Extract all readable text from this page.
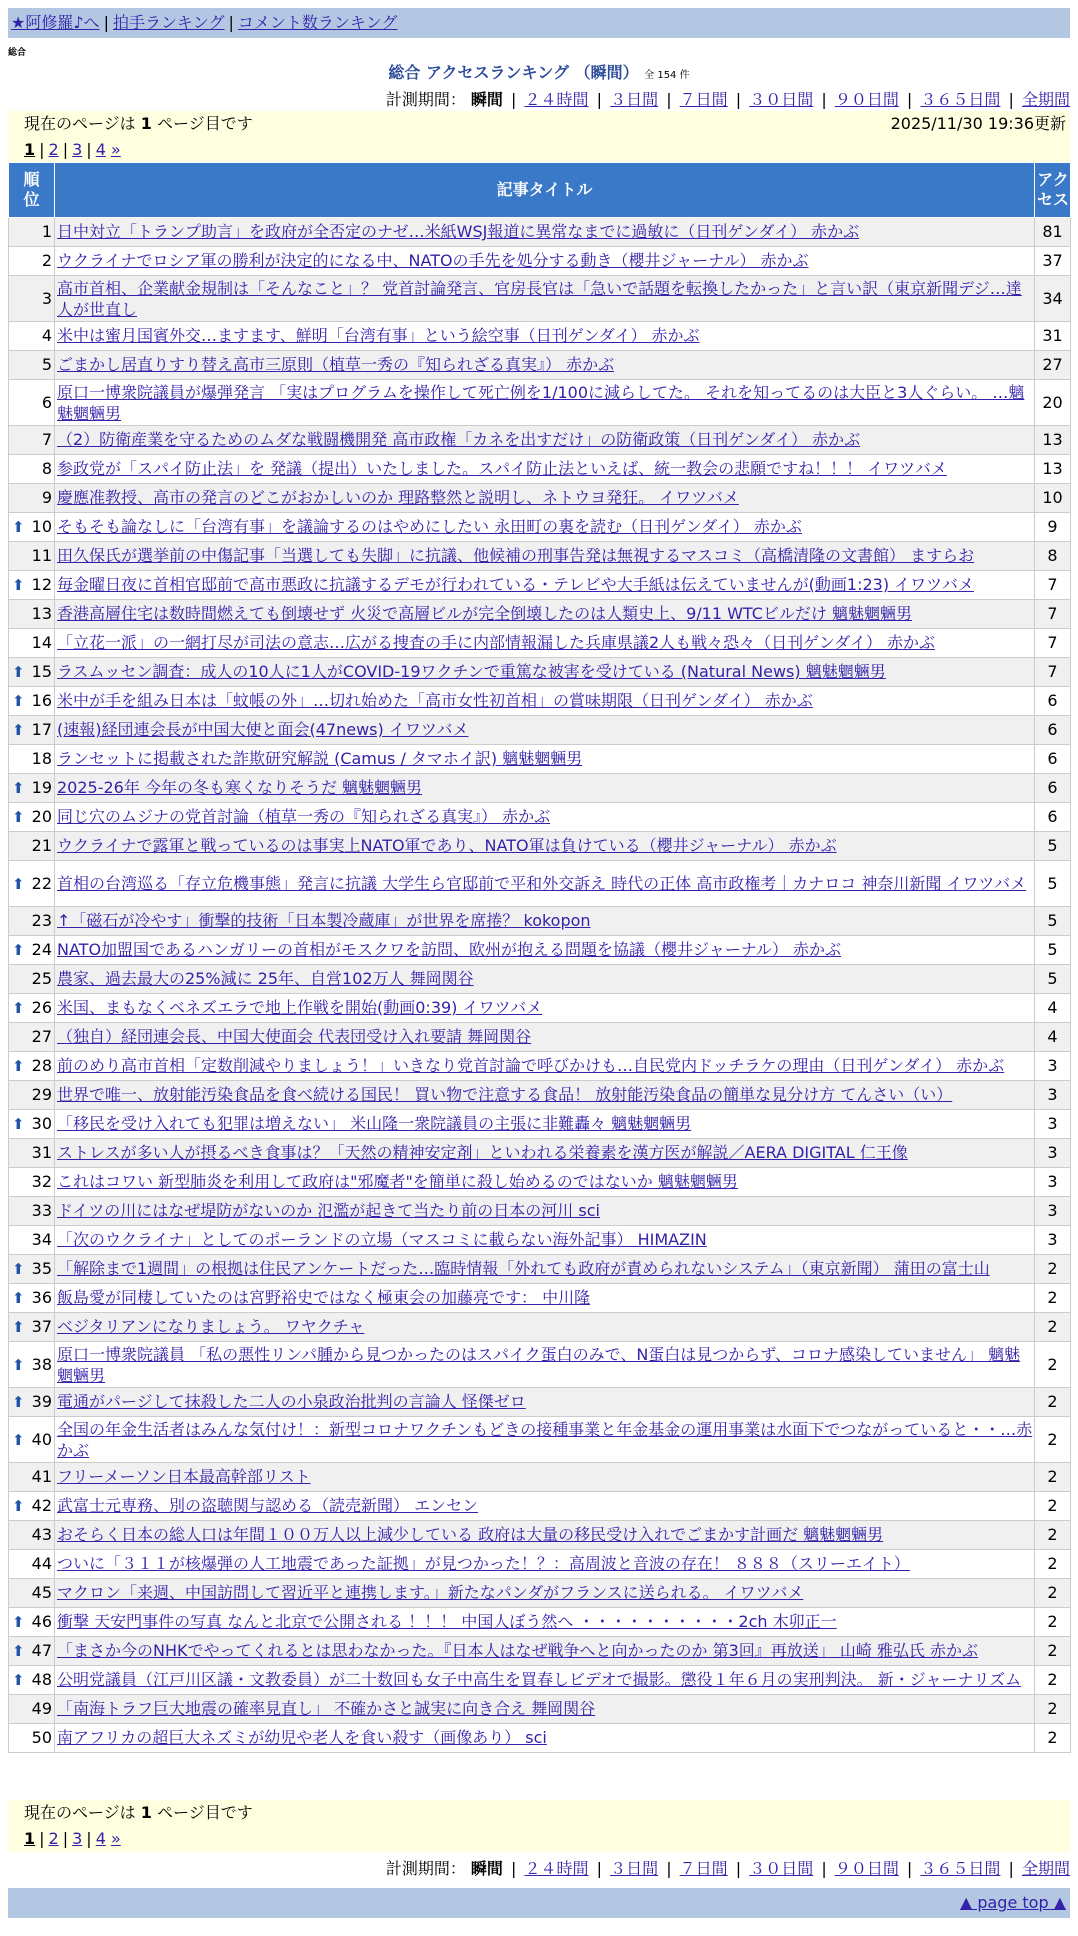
★阿修羅♪へ | 拍手ランキング | コメント数ランキング
総合
総合 アクセスランキング （瞬間） 全 154 件
計測期間： 瞬間 | ２４時間 | ３日間 | ７日間 | ３０日間 | ９０日間 | ３６５日間 | 全期間
現在のページは 1 ページ目です	2025/11/30 19:36更新
1 | 2 | 3 | 4 »
順位	記事タイトル	アクセス
1	日中対立「トランプ助言」を政府が全否定のナゼ…米紙WSJ報道に異常なまでに過敏に（日刊ゲンダイ） 赤かぶ	81
2	ウクライナでロシア軍の勝利が決定的になる中、NATOの手先を処分する動き（櫻井ジャーナル） 赤かぶ	37
3	高市首相、企業献金規制は「そんなこと」？ 党首討論発言、官房長官は「急いで話題を転換したかった」と言い訳（東京新聞デジ…達人が世直し	34
4	米中は蜜月国賓外交…ますます、鮮明「台湾有事」という絵空事（日刊ゲンダイ） 赤かぶ	31
5	ごまかし居直りすり替え高市三原則（植草一秀の『知られざる真実』） 赤かぶ	27
6	原口一博衆院議員が爆弾発言 「実はプログラムを操作して死亡例を1/100に減らしてた。 それを知ってるのは大臣と3人ぐらい。 …魑魅魍魎男	20
7	（2）防衛産業を守るためのムダな戦闘機開発 高市政権「カネを出すだけ」の防衛政策（日刊ゲンダイ） 赤かぶ	13
8	参政党が「スパイ防止法」を 発議（提出）いたしました。スパイ防止法といえば、統一教会の悲願ですね！！！ イワツバメ	13
9	慶應准教授、高市の発言のどこがおかしいのか 理路整然と説明し、ネトウヨ発狂。 イワツバメ	10

⬆ 10	そもそも論なしに「台湾有事」を議論するのはやめにしたい 永田町の裏を読む（日刊ゲンダイ） 赤かぶ	9
11	田久保氏が選挙前の中傷記事「当選しても失脚」に抗議、他候補の刑事告発は無視するマスコミ（高橋清隆の文書館） ますらお	8

⬆ 12	毎金曜日夜に首相官邸前で高市悪政に抗議するデモが行われている・テレビや大手紙は伝えていませんが(動画1:23) イワツバメ	7
13	香港高層住宅は数時間燃えても倒壊せず 火災で高層ビルが完全倒壊したのは人類史上、9/11 WTCビルだけ 魑魅魍魎男	7
14	「立花一派」の一網打尽が司法の意志…広がる捜査の手に内部情報漏した兵庫県議2人も戦々恐々（日刊ゲンダイ） 赤かぶ	7

⬆ 15	ラスムッセン調査：成人の10人に1人がCOVID-19ワクチンで重篤な被害を受けている (Natural News) 魑魅魍魎男	7

⬆ 16	米中が手を組み日本は「蚊帳の外」…切れ始めた「高市女性初首相」の賞味期限（日刊ゲンダイ） 赤かぶ	6

⬆ 17	(速報)経団連会長が中国大使と面会(47news) イワツバメ	6
18	ランセットに掲載された詐欺研究解説 (Camus / タマホイ訳) 魑魅魍魎男	6

⬆ 19	2025-26年 今年の冬も寒くなりそうだ 魑魅魍魎男	6

⬆ 20	同じ穴のムジナの党首討論（植草一秀の『知られざる真実』） 赤かぶ	6
21	ウクライナで露軍と戦っているのは事実上NATO軍であり、NATO軍は負けている（櫻井ジャーナル） 赤かぶ	5

⬆ 22	首相の台湾巡る「存立危機事態」発言に抗議 大学生ら官邸前で平和外交訴え 時代の正体 高市政権考｜カナロコ 神奈川新聞 イワツバメ	5
23	↑「磁石が冷やす」衝撃的技術「日本製冷蔵庫」が世界を席捲？ kokopon	5

⬆ 24	NATO加盟国であるハンガリーの首相がモスクワを訪問、欧州が抱える問題を協議（櫻井ジャーナル） 赤かぶ	5
25	農家、過去最大の25%減に 25年、自営102万人 舞岡関谷	5

⬆ 26	米国、まもなくベネズエラで地上作戦を開始(動画0:39) イワツバメ	4
27	（独自）経団連会長、中国大使面会 代表団受け入れ要請 舞岡関谷	4

⬆ 28	前のめり高市首相「定数削減やりましょう！」いきなり党首討論で呼びかけも…自民党内ドッチラケの理由（日刊ゲンダイ） 赤かぶ	3
29	世界で唯一、放射能汚染食品を食べ続ける国民！ 買い物で注意する食品！ 放射能汚染食品の簡単な見分け方 てんさい（い）	3

⬆ 30	「移民を受け入れても犯罪は増えない」 米山隆一衆院議員の主張に非難轟々 魑魅魍魎男	3
31	ストレスが多い人が摂るべき食事は？「天然の精神安定剤」といわれる栄養素を漢方医が解説／AERA DIGITAL 仁王像	3
32	これはコワい 新型肺炎を利用して政府は"邪魔者"を簡単に殺し始めるのではないか 魑魅魍魎男	3
33	ドイツの川にはなぜ堤防がないのか 氾濫が起きて当たり前の日本の河川 sci	3
34	「次のウクライナ」としてのポーランドの立場（マスコミに載らない海外記事） HIMAZIN	3

⬆ 35	「解除まで1週間」の根拠は住民アンケートだった…臨時情報「外れても政府が責められないシステム」（東京新聞） 蒲田の富士山	2

⬆ 36	飯島愛が同棲していたのは宮野裕史ではなく極東会の加藤亮です： 中川隆	2

⬆ 37	ベジタリアンになりましょう。 ワヤクチャ	2

⬆ 38	原口一博衆院議員 「私の悪性リンパ腫から見つかったのはスパイク蛋白のみで、N蛋白は見つからず、コロナ感染していません」 魑魅魍魎男	2

⬆ 39	電通がパージして抹殺した二人の小泉政治批判の言論人 怪傑ゼロ	2

⬆ 40	全国の年金生活者はみんな気付け！：新型コロナワクチンもどきの接種事業と年金基金の運用事業は水面下でつながっていると・・…赤かぶ	2
41	フリーメーソン日本最高幹部リスト	2

⬆ 42	武富士元専務、別の盗聴関与認める（読売新聞） エンセン	2
43	おそらく日本の総人口は年間１００万人以上減少している 政府は大量の移民受け入れでごまかす計画だ 魑魅魍魎男	2
44	ついに「３１１が核爆弾の人工地震であった証拠」が見つかった！？：高周波と音波の存在！ ８８８（スリーエイト）	2
45	マクロン「来週、中国訪問して習近平と連携します。」新たなパンダがフランスに送られる。 イワツバメ	2

⬆ 46	衝撃 天安門事件の写真 なんと北京で公開される ！！！ 中国人ぼう然へ ・・・・・・・・・・2ch 木卯正一	2

⬆ 47	「まさか今のNHKでやってくれるとは思わなかった。『日本人はなぜ戦争へと向かったのか 第3回』再放送」 山崎 雅弘氏 赤かぶ	2

⬆ 48	公明党議員（江戸川区議・文教委員）が二十数回も女子中高生を買春しビデオで撮影。懲役１年６月の実刑判決。 新・ジャーナリズム	2
49	「南海トラフ巨大地震の確率見直し」 不確かさと誠実に向き合え 舞岡関谷	2
50	南アフリカの超巨大ネズミが幼児や老人を食い殺す（画像あり） sci	2
現在のページは 1 ページ目です
1 | 2 | 3 | 4 »
計測期間： 瞬間 | ２４時間 | ３日間 | ７日間 | ３０日間 | ９０日間 | ３６５日間 | 全期間
▲ page top ▲
